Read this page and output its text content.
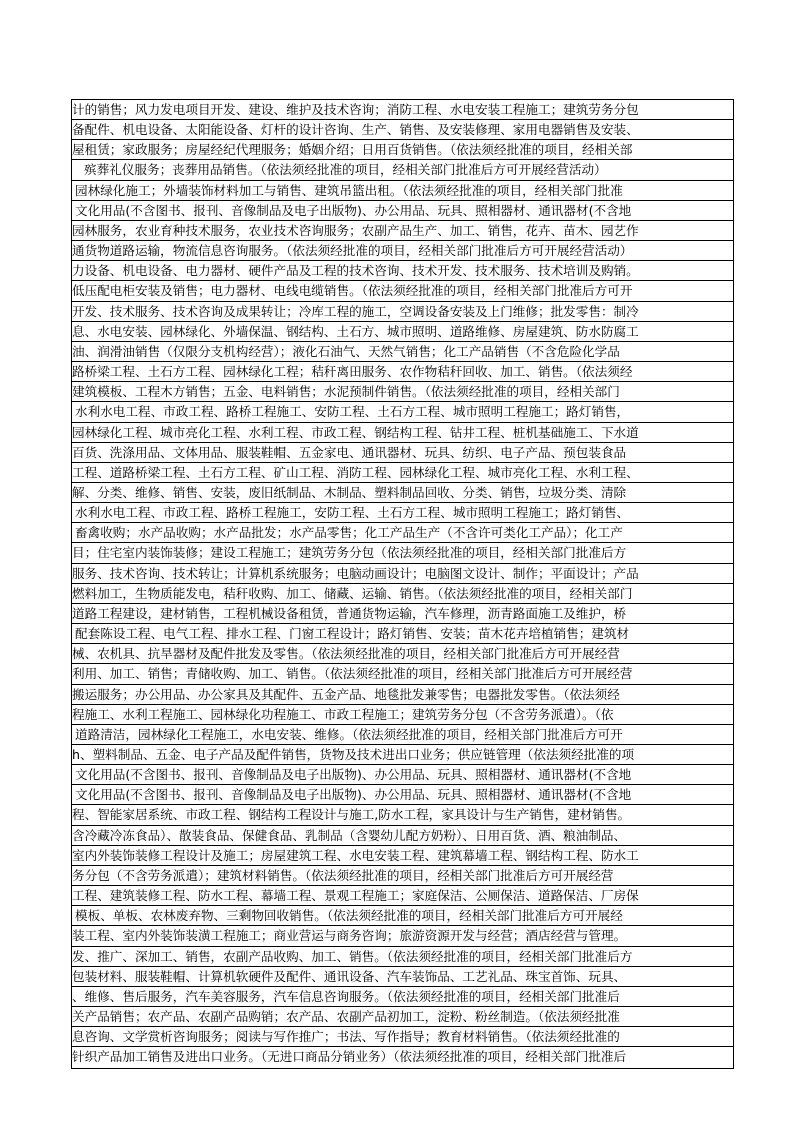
计的销售；风力发电项目开发、建设、维护及技术咨询；消防工程、水电安装工程施工；建筑劳务分包
备配件、机电设备、太阳能设备、灯杆的设计咨询、生产、销售、及安装修理、家用电器销售及安装、
屋租赁；家政服务；房屋经纪代理服务；婚姻介绍；日用百货销售。（依法须经批准的项目，经相关部
殡葬礼仪服务；丧葬用品销售。（依法须经批准的项目，经相关部门批准后方可开展经营活动）
园林绿化施工；外墙装饰材料加工与销售、建筑吊篮出租。（依法须经批准的项目，经相关部门批准
文化用品(不含图书、报刊、音像制品及电子出版物)、办公用品、玩具、照相器材、通讯器材(不含地
园林服务，农业育种技术服务，农业技术咨询服务；农副产品生产、加工、销售，花卉、苗木、园艺作
通货物道路运输，物流信息咨询服务。（依法须经批准的项目，经相关部门批准后方可开展经营活动）
力设备、机电设备、电力器材、硬件产品及工程的技术咨询、技术开发、技术服务、技术培训及购销。
低压配电柜安装及销售；电力器材、电线电缆销售。（依法须经批准的项目，经相关部门批准后方可开
开发、技术服务、技术咨询及成果转让；冷库工程的施工，空调设备安装及上门维修；批发零售：制冷
息、水电安装、园林绿化、外墙保温、钢结构、土石方、城市照明、道路维修、房屋建筑、防水防腐工
油、润滑油销售（仅限分支机构经营）；液化石油气、天然气销售；化工产品销售（不含危险化学品
路桥梁工程、土石方工程、园林绿化工程；秸秆离田服务、农作物秸秆回收、加工、销售。（依法须经
建筑模板、工程木方销售；五金、电料销售；水泥预制件销售。（依法须经批准的项目，经相关部门
水利水电工程、市政工程、路桥工程施工、安防工程、土石方工程、城市照明工程施工；路灯销售，
园林绿化工程、城市亮化工程、水利工程、市政工程、钢结构工程、钻井工程、桩机基础施工、下水道
百货、洗涤用品、文体用品、服装鞋帽、五金家电、通讯器材、玩具、纺织、电子产品、预包装食品
工程、道路桥梁工程、土石方工程、矿山工程、消防工程、园林绿化工程、城市亮化工程、水利工程、
解、分类、维修、销售、安装，废旧纸制品、木制品、塑料制品回收、分类、销售，垃圾分类、清除
水利水电工程、市政工程、路桥工程施工，安防工程、土石方工程、城市照明工程施工；路灯销售、
畜禽收购；水产品收购；水产品批发；水产品零售；化工产品生产（不含许可类化工产品）；化工产
目；住宅室内装饰装修；建设工程施工；建筑劳务分包（依法须经批准的项目，经相关部门批准后方
服务、技术咨询、技术转让；计算机系统服务；电脑动画设计；电脑图文设计、制作；平面设计；产品
燃料加工，生物质能发电，秸秆收购、加工、储藏、运输、销售。（依法须经批准的项目，经相关部门
道路工程建设，建材销售，工程机械设备租赁，普通货物运输，汽车修理，沥青路面施工及维护，桥
配套陈设工程、电气工程、排水工程、门窗工程设计；路灯销售、安装；苗木花卉培植销售；建筑材
械、农机具、抗旱器材及配件批发及零售。（依法须经批准的项目，经相关部门批准后方可开展经营
利用、加工、销售；青储收购、加工、销售。（依法须经批准的项目，经相关部门批准后方可开展经营
搬运服务；办公用品、办公家具及其配件、五金产品、地毯批发兼零售；电器批发零售。（依法须经
程施工、水利工程施工、园林绿化功程施工、市政工程施工；建筑劳务分包（不含劳务派遣）。（依
道路清洁，园林绿化工程施工，水电安装、维修。（依法须经批准的项目，经相关部门批准后方可开
h、塑料制品、五金、电子产品及配件销售，货物及技术进出口业务；供应链管理（依法须经批准的项
文化用品(不含图书、报刊、音像制品及电子出版物)、办公用品、玩具、照相器材、通讯器材(不含地
文化用品(不含图书、报刊、音像制品及电子出版物)、办公用品、玩具、照相器材、通讯器材(不含地
程、智能家居系统、市政工程、钢结构工程设计与施工,防水工程，家具设计与生产销售，建材销售。
含冷藏冷冻食品）、散装食品、保健食品、乳制品（含婴幼儿配方奶粉）、日用百货、酒、粮油制品、
室内外装饰装修工程设计及施工；房屋建筑工程、水电安装工程、建筑幕墙工程、钢结构工程、防水工
务分包（不含劳务派遣）；建筑材料销售。（依法须经批准的项目，经相关部门批准后方可开展经营
工程、建筑装修工程、防水工程、幕墙工程、景观工程施工；家庭保洁、公厕保洁、道路保洁、厂房保
模板、单板、农林废弃物、三剩物回收销售。（依法须经批准的项目，经相关部门批准后方可开展经
装工程、室内外装饰装潢工程施工；商业营运与商务咨询；旅游资源开发与经营；酒店经营与管理。
发、推广、深加工、销售，农副产品收购、加工、销售。（依法须经批准的项目，经相关部门批准后方
包装材料、服装鞋帽、计算机软硬件及配件、通讯设备、汽车装饰品、工艺礼品、珠宝首饰、玩具、
、维修、售后服务，汽车美容服务，汽车信息咨询服务。（依法须经批准的项目，经相关部门批准后
关产品销售；农产品、农副产品购销；农产品、农副产品初加工，淀粉、粉丝制造。（依法须经批准
息咨询、文学赏析咨询服务；阅读与写作推广；书法、写作指导；教育材料销售。（依法须经批准的
针织产品加工销售及进出口业务。（无进口商品分销业务）（依法须经批准的项目，经相关部门批准后
